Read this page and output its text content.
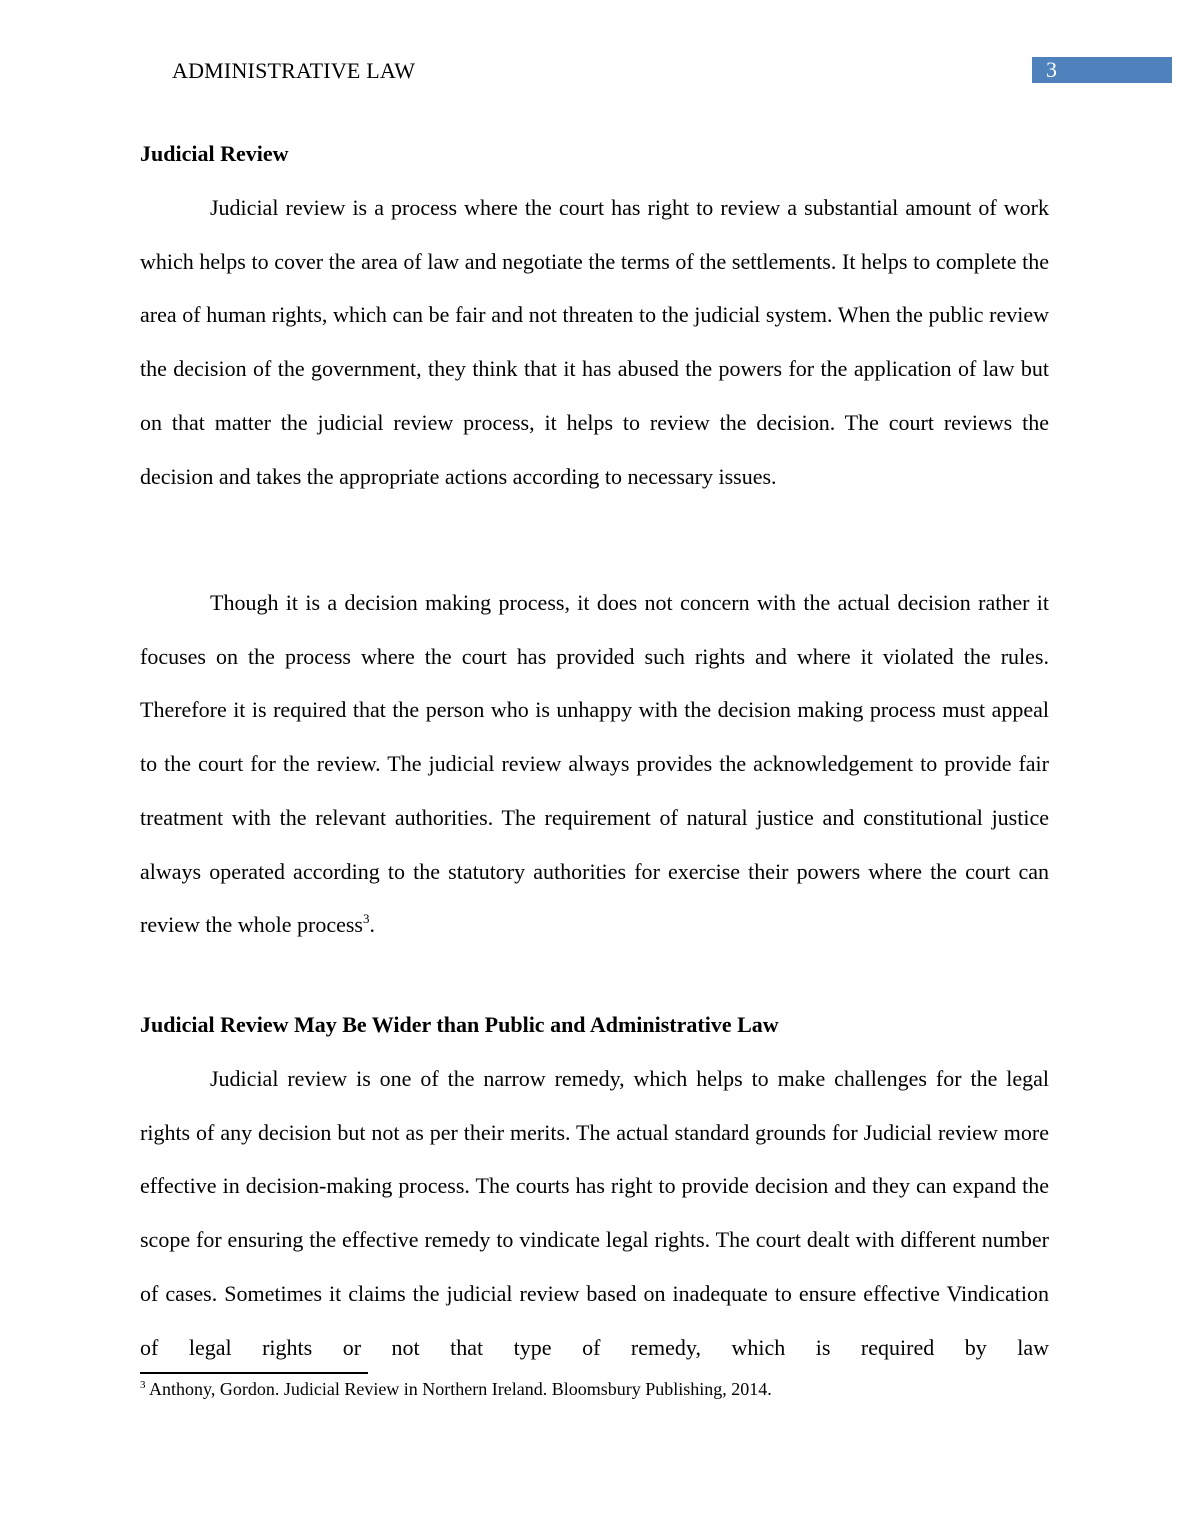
ADMINISTRATIVE LAW	3
Judicial Review

Judicial review is a process where the court has right to review a substantial amount of work which helps to cover the area of law and negotiate the terms of the settlements. It helps to complete the area of human rights, which can be fair and not threaten to the judicial system. When the public review the decision of the government, they think that it has abused the powers for the application of law but on that matter the judicial review process, it helps to review the decision. The court reviews the decision and takes the appropriate actions according to necessary issues.

Though it is a decision making process, it does not concern with the actual decision rather it focuses on the process where the court has provided such rights and where it violated the rules. Therefore it is required that the person who is unhappy with the decision making process must appeal to the court for the review. The judicial review always provides the acknowledgement to provide fair treatment with the relevant authorities. The requirement of natural justice and constitutional justice always operated according to the statutory authorities for exercise their powers where the court can review the whole process$^3$.

Judicial Review May Be Wider than Public and Administrative Law

Judicial review is one of the narrow remedy, which helps to make challenges for the legal rights of any decision but not as per their merits. The actual standard grounds for Judicial review more effective in decision-making process. The courts has right to provide decision and they can expand the scope for ensuring the effective remedy to vindicate legal rights. The court dealt with different number of cases. Sometimes it claims the judicial review based on inadequate to ensure effective Vindication of legal rights or not that type of remedy, which is required by law

$^3$ Anthony, Gordon. Judicial Review in Northern Ireland. Bloomsbury Publishing, 2014.
